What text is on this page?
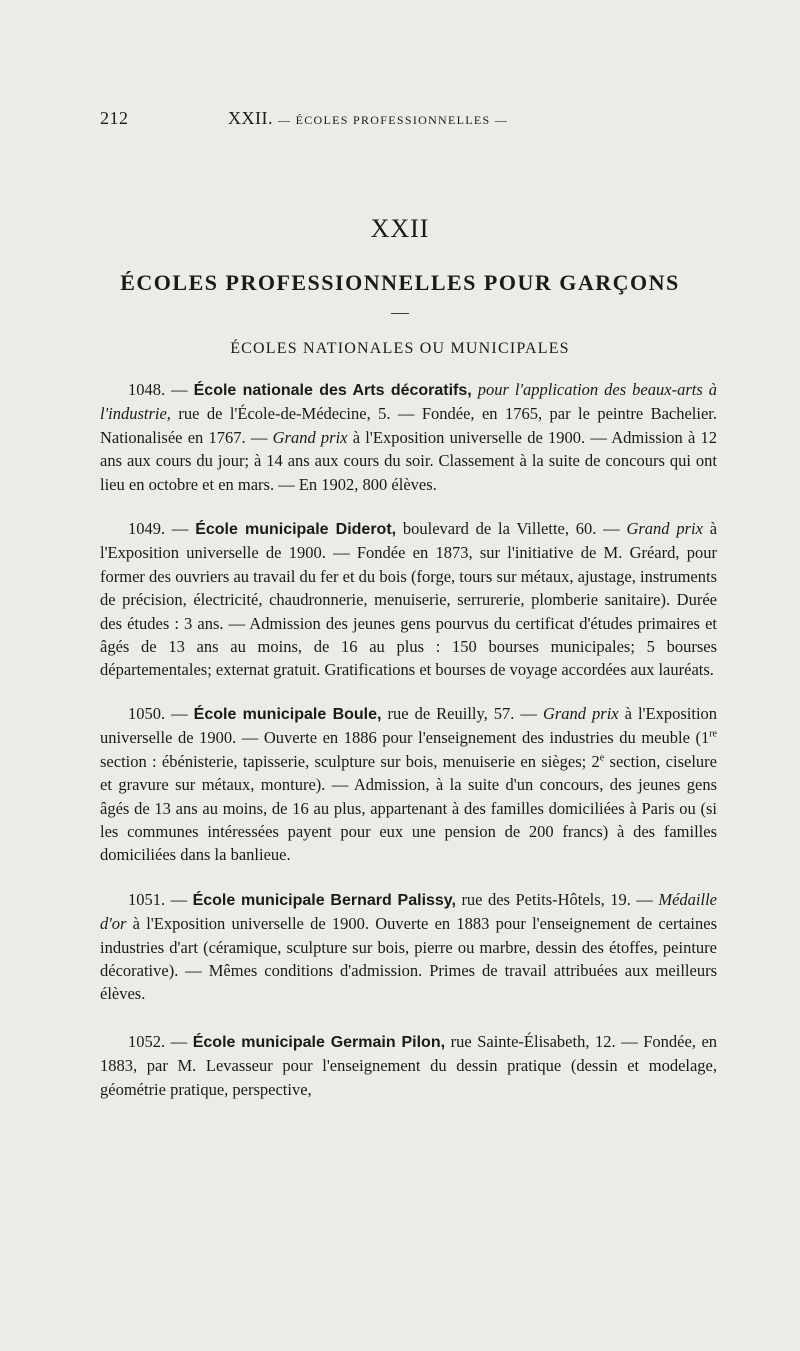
212	XXII. — ÉCOLES PROFESSIONNELLES —
XXII
ÉCOLES PROFESSIONNELLES POUR GARÇONS
—
ÉCOLES NATIONALES OU MUNICIPALES

1048. — École nationale des Arts décoratifs, pour l'application des beaux-arts à l'industrie, rue de l'École-de-Médecine, 5. — Fondée, en 1765, par le peintre Bachelier. Nationalisée en 1767. — Grand prix à l'Exposition universelle de 1900. — Admission à 12 ans aux cours du jour; à 14 ans aux cours du soir. Classement à la suite de concours qui ont lieu en octobre et en mars. — En 1902, 800 élèves.

1049. — École municipale Diderot, boulevard de la Villette, 60. — Grand prix à l'Exposition universelle de 1900. — Fondée en 1873, sur l'initiative de M. Gréard, pour former des ouvriers au travail du fer et du bois (forge, tours sur métaux, ajustage, instruments de précision, électricité, chaudronnerie, menuiserie, serrurerie, plomberie sanitaire). Durée des études : 3 ans. — Admission des jeunes gens pourvus du certificat d'études primaires et âgés de 13 ans au moins, de 16 au plus : 150 bourses municipales; 5 bourses départementales; externat gratuit. Gratifications et bourses de voyage accordées aux lauréats.

1050. — École municipale Boule, rue de Reuilly, 57. — Grand prix à l'Exposition universelle de 1900. — Ouverte en 1886 pour l'enseignement des industries du meuble (1re section : ébénisterie, tapisserie, sculpture sur bois, menuiserie en sièges; 2e section, ciselure et gravure sur métaux, monture). — Admission, à la suite d'un concours, des jeunes gens âgés de 13 ans au moins, de 16 au plus, appartenant à des familles domiciliées à Paris ou (si les communes intéressées payent pour eux une pension de 200 francs) à des familles domiciliées dans la banlieue.

1051. — École municipale Bernard Palissy, rue des Petits-Hôtels, 19. — Médaille d'or à l'Exposition universelle de 1900. Ouverte en 1883 pour l'enseignement de certaines industries d'art (céramique, sculpture sur bois, pierre ou marbre, dessin des étoffes, peinture décorative). — Mêmes conditions d'admission. Primes de travail attribuées aux meilleurs élèves.

1052. — École municipale Germain Pilon, rue Sainte-Élisabeth, 12. — Fondée, en 1883, par M. Levasseur pour l'enseignement du dessin pratique (dessin et modelage, géométrie pratique, perspective,
